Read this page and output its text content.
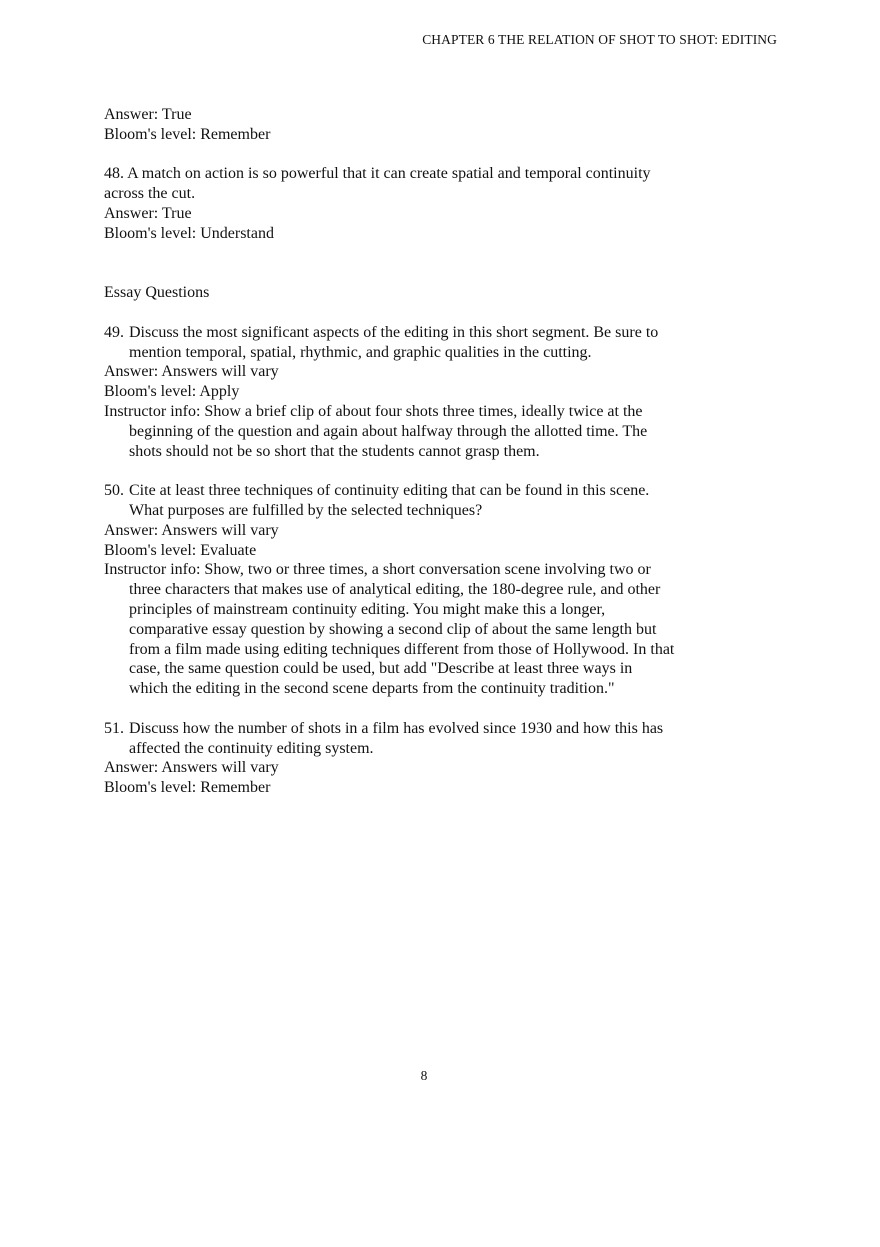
CHAPTER 6 THE RELATION OF SHOT TO SHOT: EDITING

Answer: True

Bloom's level: Remember

48. A match on action is so powerful that it can create spatial and temporal continuity

across the cut.

Answer: True

Bloom's level: Understand

Essay Questions

49. Discuss the most significant aspects of the editing in this short segment. Be sure to

mention temporal, spatial, rhythmic, and graphic qualities in the cutting.

Answer: Answers will vary

Bloom's level: Apply

Instructor info: Show a brief clip of about four shots three times, ideally twice at the

beginning of the question and again about halfway through the allotted time. The

shots should not be so short that the students cannot grasp them.

50. Cite at least three techniques of continuity editing that can be found in this scene.

What purposes are fulfilled by the selected techniques?

Answer: Answers will vary

Bloom's level: Evaluate

Instructor info: Show, two or three times, a short conversation scene involving two or

three characters that makes use of analytical editing, the 180-degree rule, and other

principles of mainstream continuity editing. You might make this a longer,

comparative essay question by showing a second clip of about the same length but

from a film made using editing techniques different from those of Hollywood. In that

case, the same question could be used, but add "Describe at least three ways in

which the editing in the second scene departs from the continuity tradition."

51. Discuss how the number of shots in a film has evolved since 1930 and how this has

affected the continuity editing system.

Answer: Answers will vary

Bloom's level: Remember

8
